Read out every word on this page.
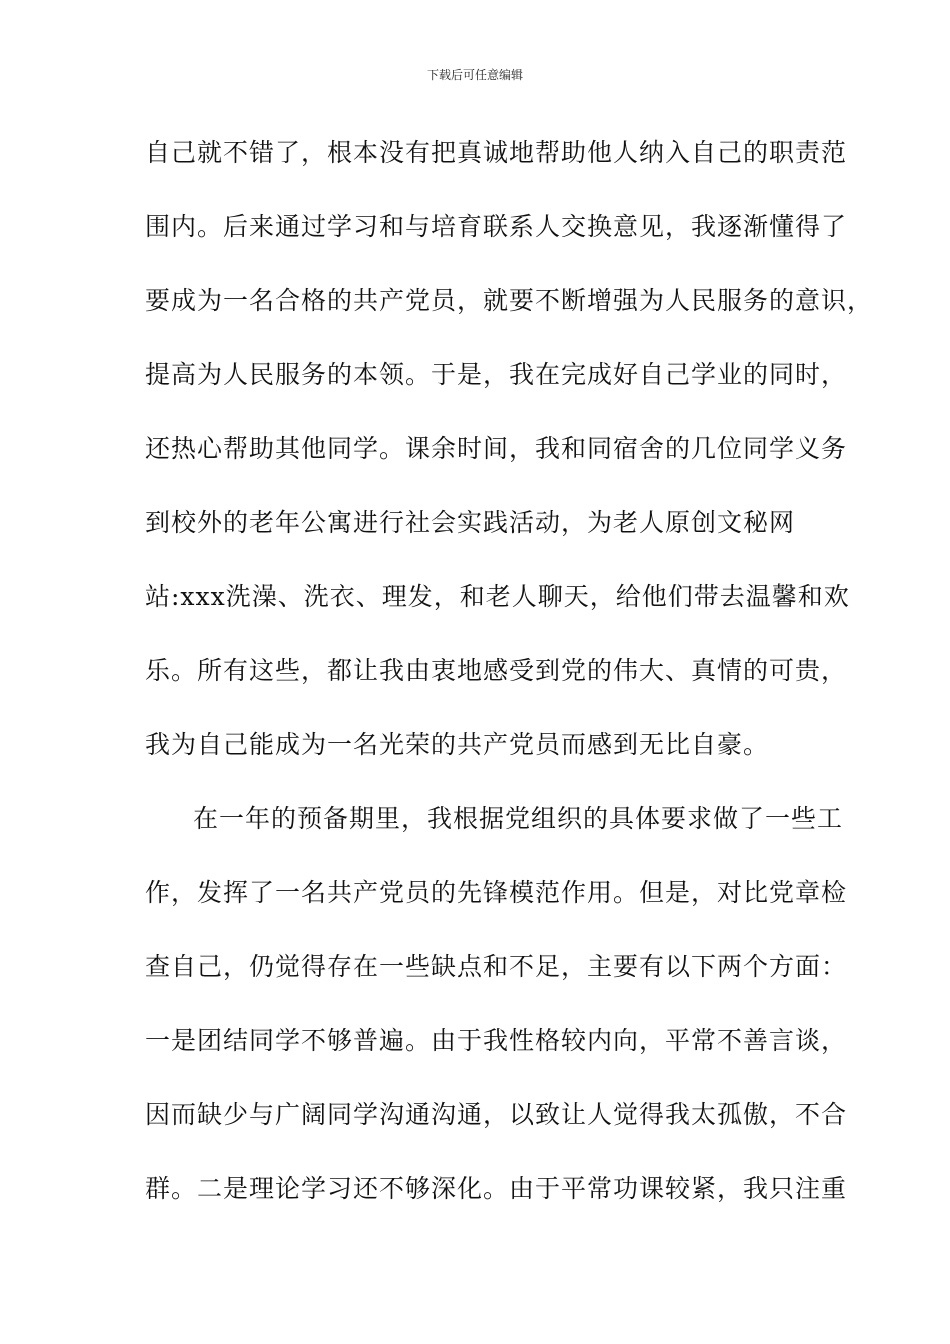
下载后可任意编辑
自己就不错了，根本没有把真诚地帮助他人纳入自己的职责范
围内。后来通过学习和与培育联系人交换意见，我逐渐懂得了
要成为一名合格的共产党员，就要不断增强为人民服务的意识，
提高为人民服务的本领。于是，我在完成好自己学业的同时，
还热心帮助其他同学。课余时间，我和同宿舍的几位同学义务
到校外的老年公寓进行社会实践活动，为老人原创文秘网
站:xxx洗澡、洗衣、理发，和老人聊天，给他们带去温馨和欢
乐。所有这些，都让我由衷地感受到党的伟大、真情的可贵，
我为自己能成为一名光荣的共产党员而感到无比自豪。
在一年的预备期里，我根据党组织的具体要求做了一些工
作，发挥了一名共产党员的先锋模范作用。但是，对比党章检
查自己，仍觉得存在一些缺点和不足，主要有以下两个方面：
一是团结同学不够普遍。由于我性格较内向，平常不善言谈，
因而缺少与广阔同学沟通沟通，以致让人觉得我太孤傲，不合
群。二是理论学习还不够深化。由于平常功课较紧，我只注重
